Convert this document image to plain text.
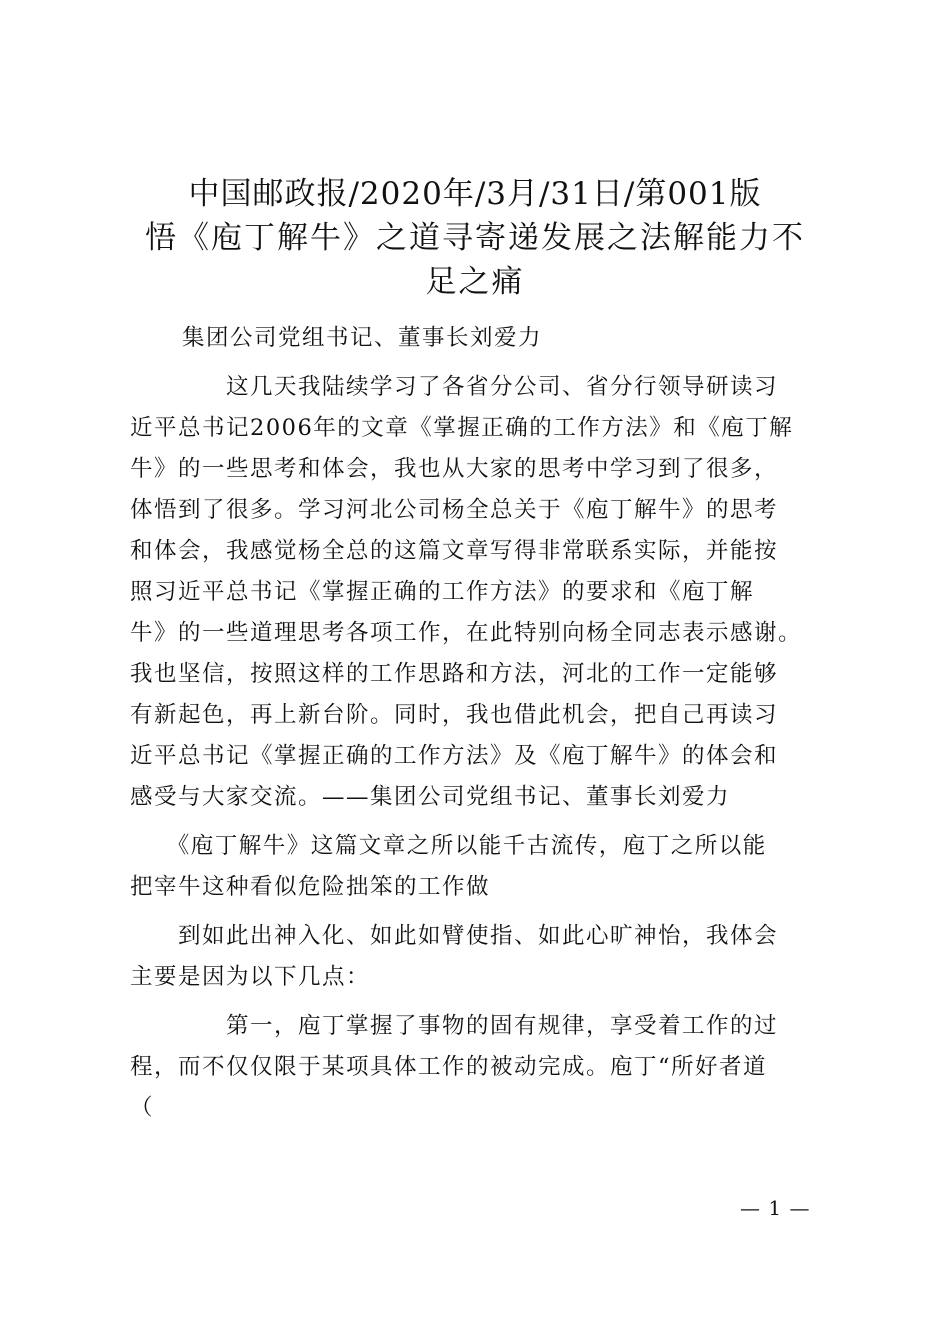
中国邮政报/2020年/3月/31日/第001版
悟《庖丁解牛》之道寻寄递发展之法解能力不
足之痛

集团公司党组书记、董事长刘爱力

　　　　这几天我陆续学习了各省分公司、省分行领导研读习
近平总书记2006年的文章《掌握正确的工作方法》和《庖丁解
牛》的一些思考和体会，我也从大家的思考中学习到了很多，
体悟到了很多。学习河北公司杨全总关于《庖丁解牛》的思考
和体会，我感觉杨全总的这篇文章写得非常联系实际，并能按
照习近平总书记《掌握正确的工作方法》的要求和《庖丁解
牛》的一些道理思考各项工作，在此特别向杨全同志表示感谢。
我也坚信，按照这样的工作思路和方法，河北的工作一定能够
有新起色，再上新台阶。同时，我也借此机会，把自己再读习
近平总书记《掌握正确的工作方法》及《庖丁解牛》的体会和
感受与大家交流。——集团公司党组书记、董事长刘爱力

　　《庖丁解牛》这篇文章之所以能千古流传，庖丁之所以能
把宰牛这种看似危险拙笨的工作做

　　到如此出神入化、如此如臂使指、如此心旷神怡，我体会
主要是因为以下几点：

　　　　第一，庖丁掌握了事物的固有规律，享受着工作的过
程，而不仅仅限于某项具体工作的被动完成。庖丁“所好者道
（

— 1 —
